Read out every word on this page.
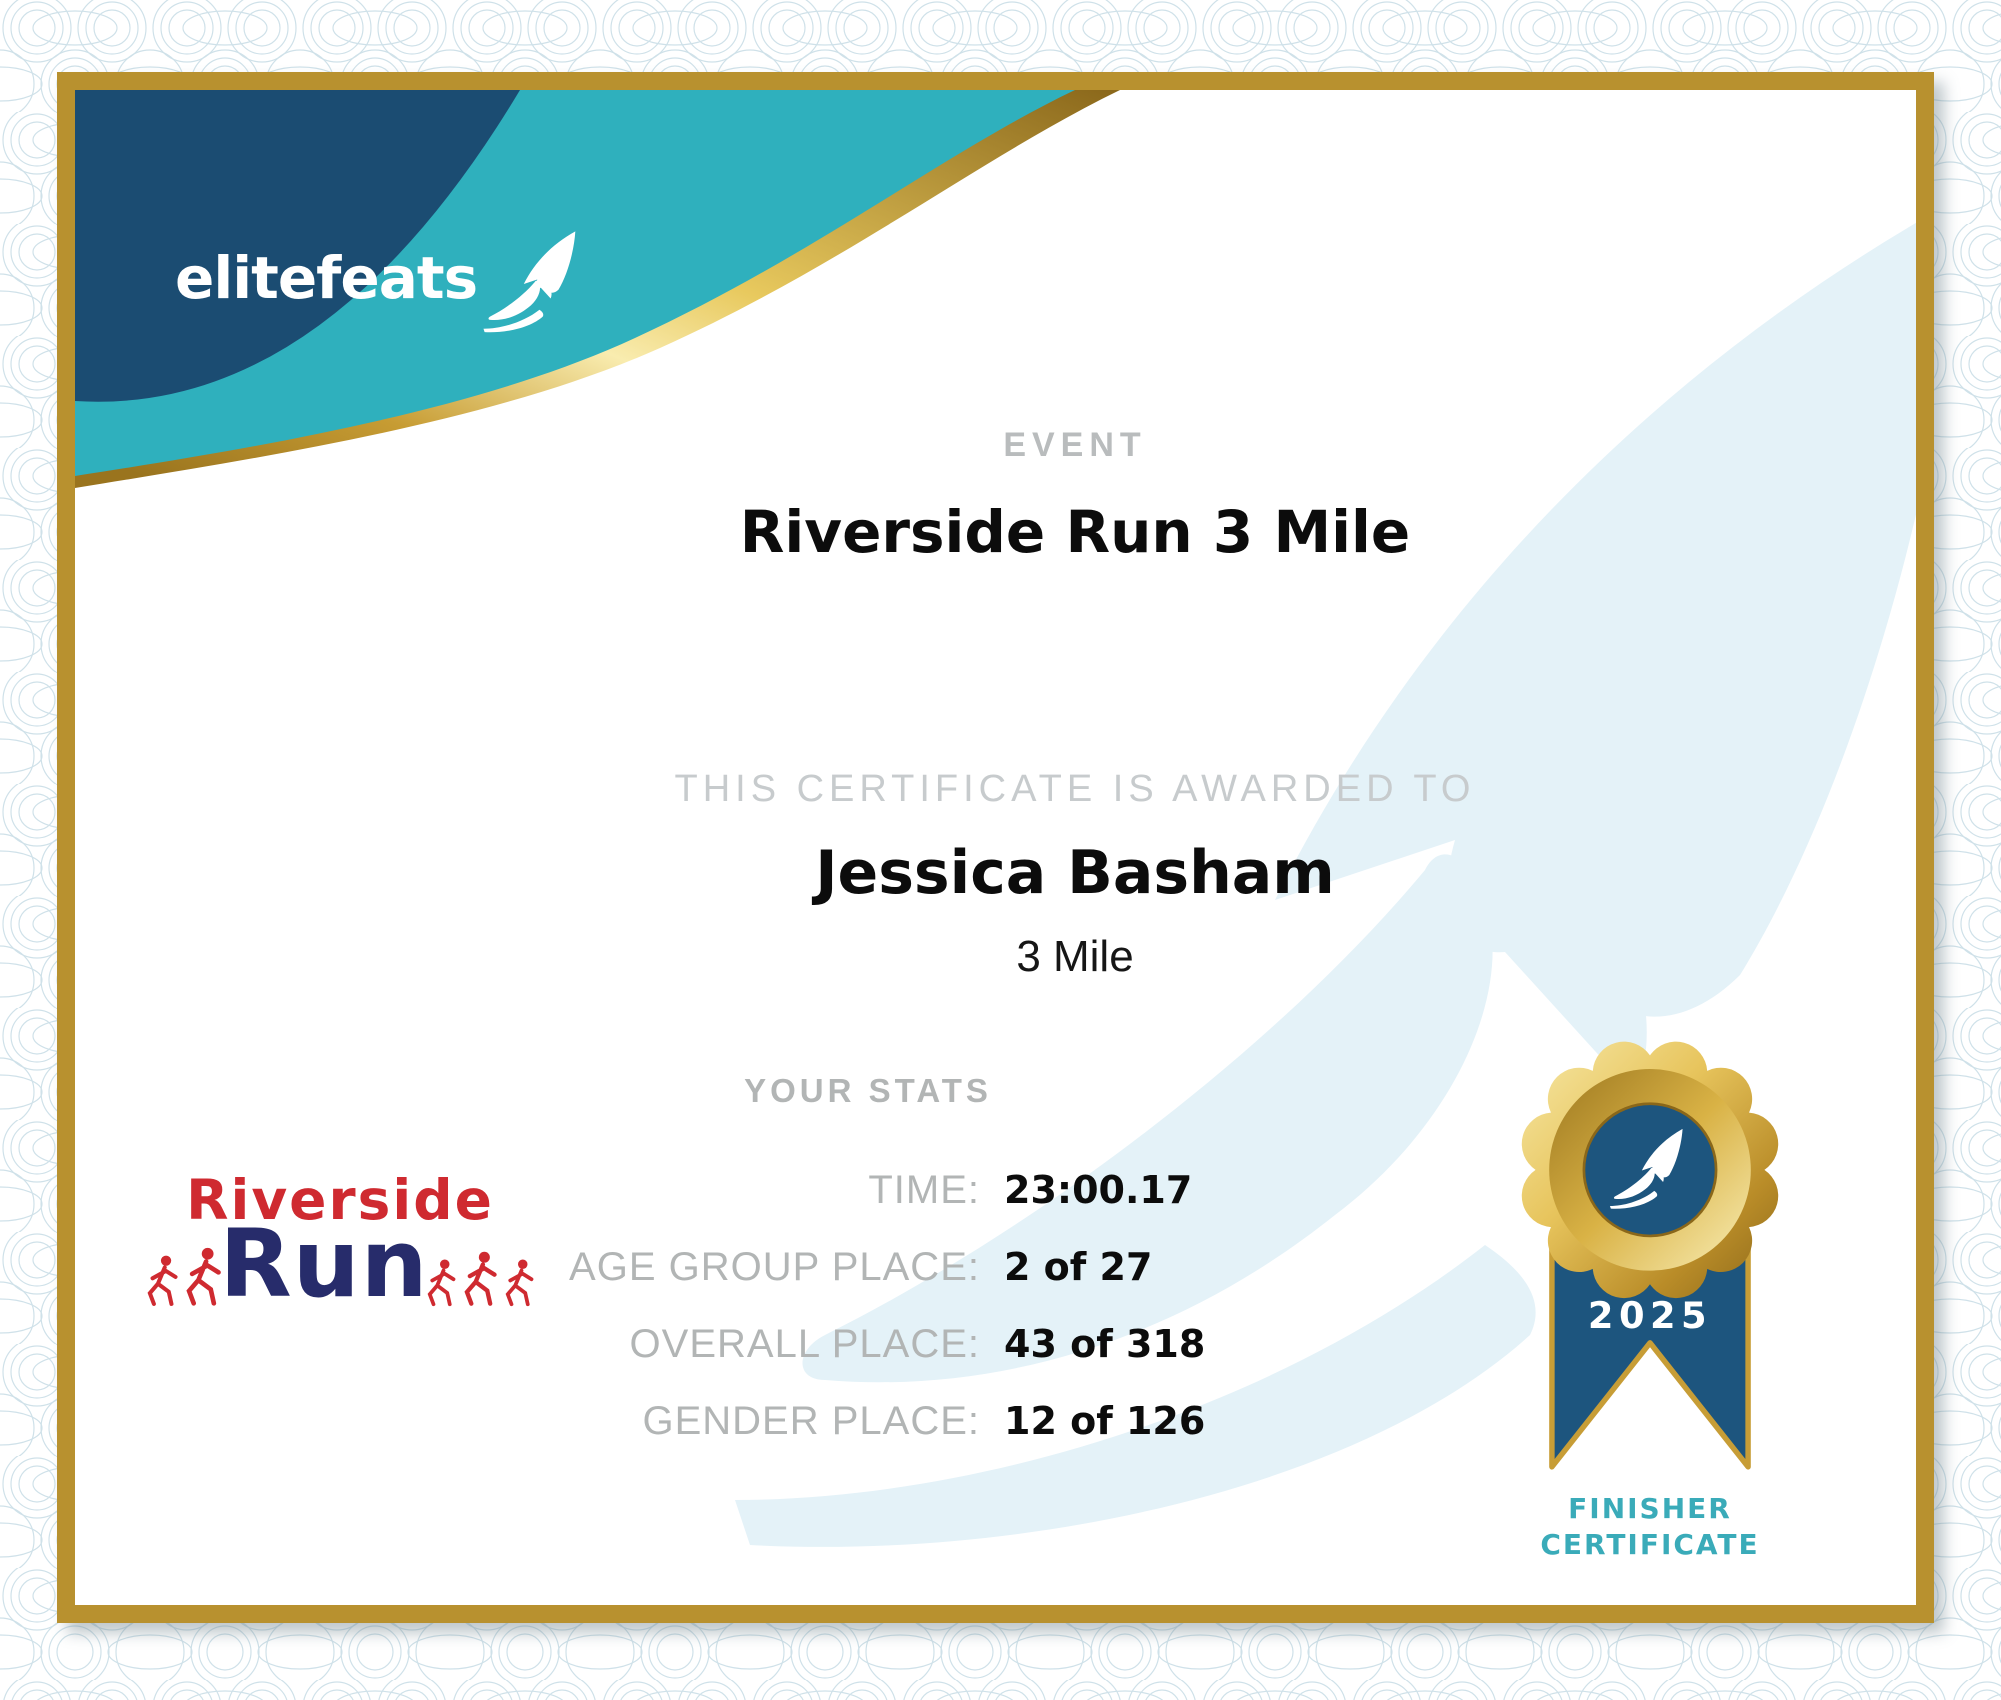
elitefeats
EVENT
Riverside Run 3 Mile
THIS CERTIFICATE IS AWARDED TO
Jessica Basham
3 Mile
YOUR STATS
TIME: 23:00.17
AGE GROUP PLACE: 2 of 27
OVERALL PLACE: 43 of 318
GENDER PLACE: 12 of 126
Riverside
Run	2025
FINISHER
CERTIFICATE
